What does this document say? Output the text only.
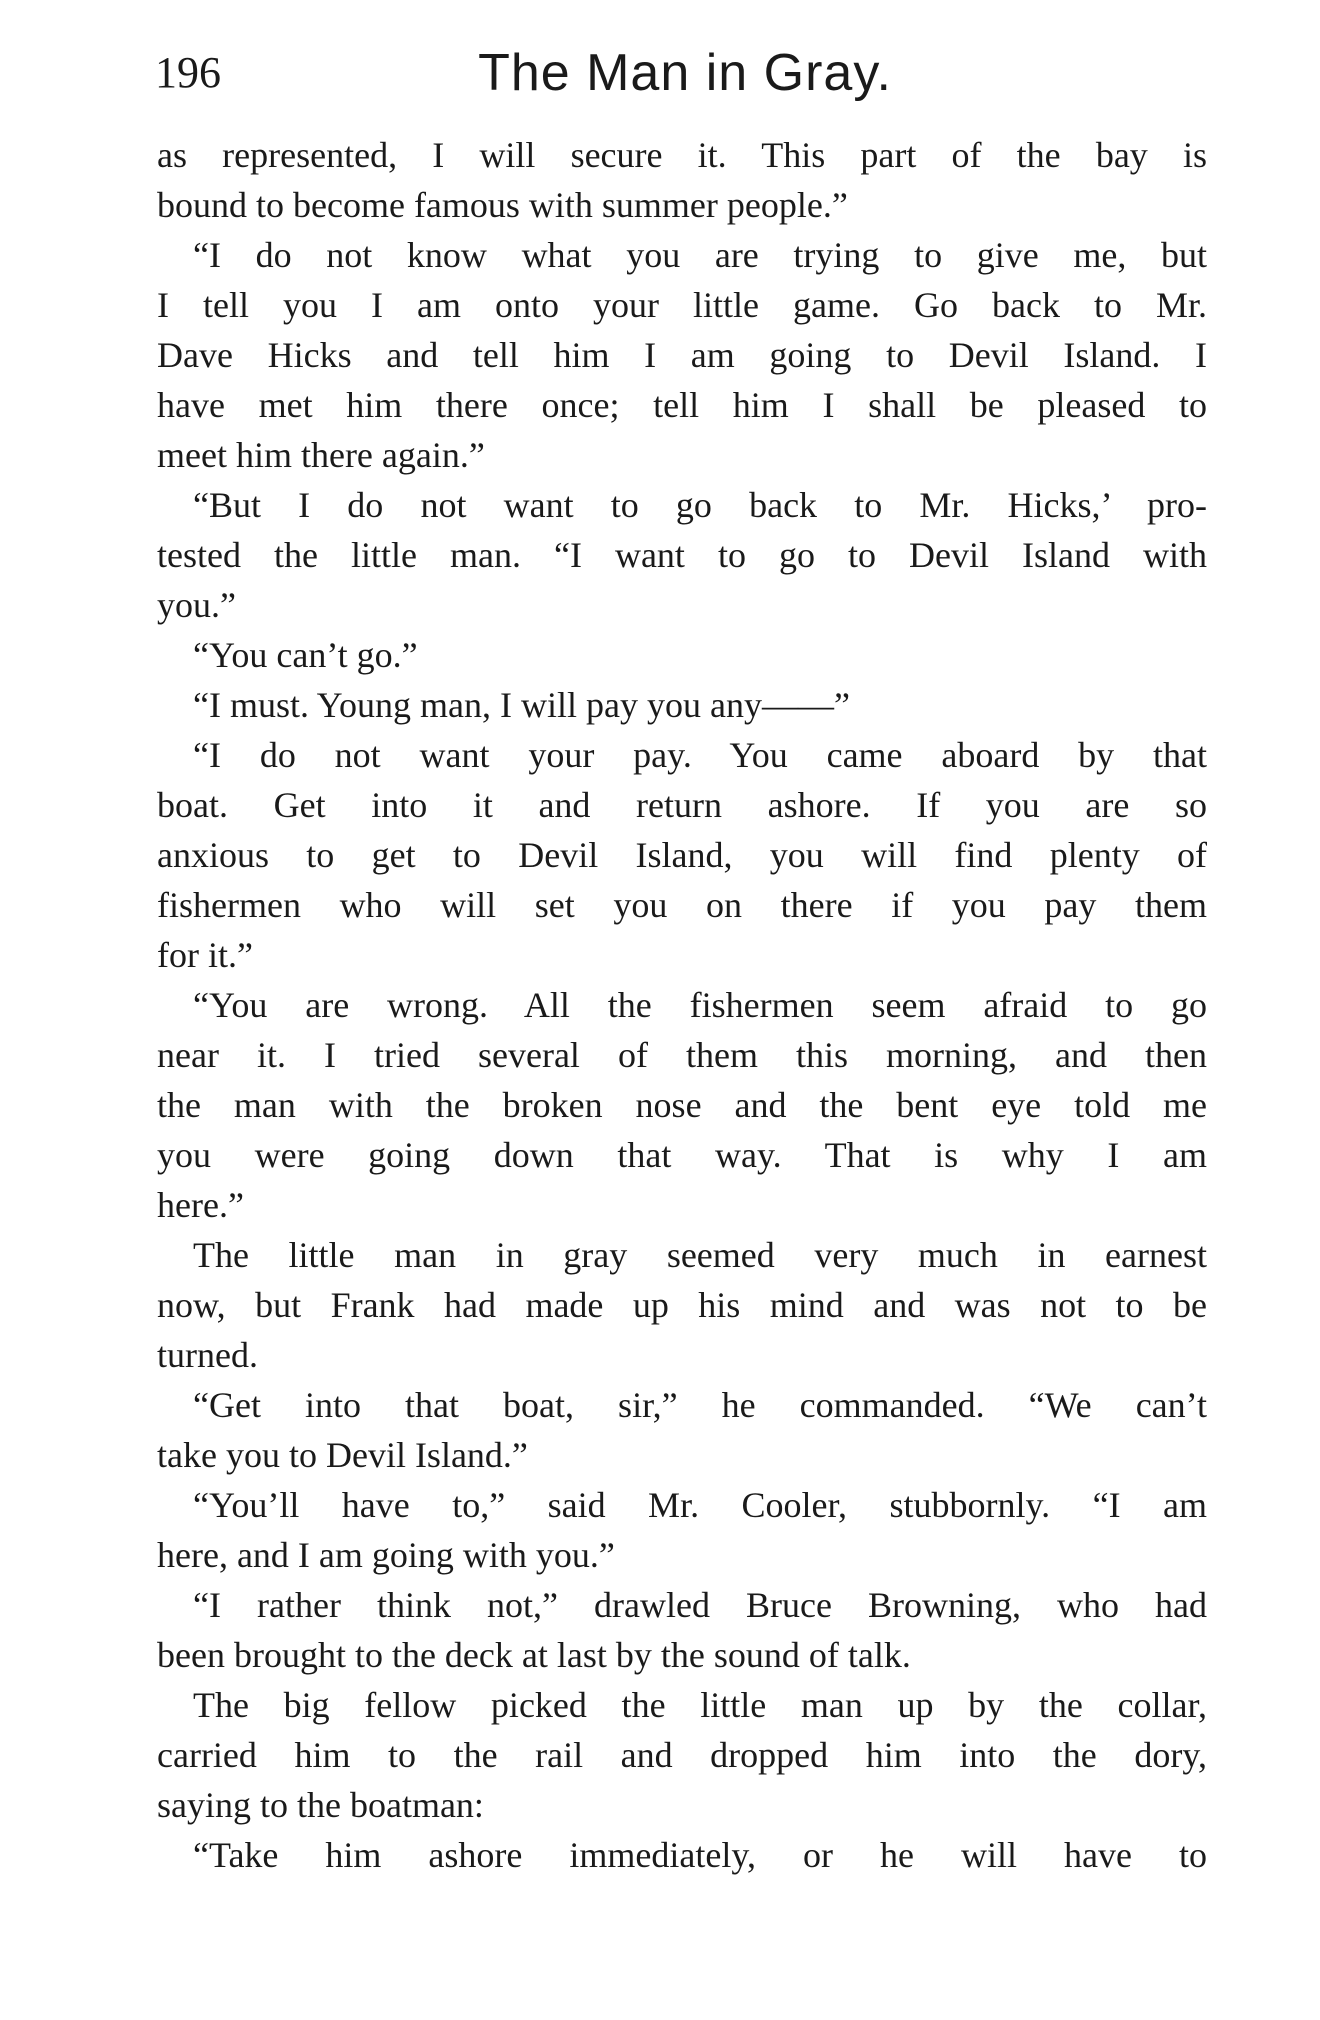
196	The Man in Gray.
as represented, I will secure it. This part of the bay is
bound to become famous with summer people.”
“I do not know what you are trying to give me, but
I tell you I am onto your little game. Go back to Mr.
Dave Hicks and tell him I am going to Devil Island. I
have met him there once; tell him I shall be pleased to
meet him there again.”
“But I do not want to go back to Mr. Hicks,’ pro-
tested the little man. “I want to go to Devil Island with
you.”
“You can’t go.”
“I must. Young man, I will pay you any——”
“I do not want your pay. You came aboard by that
boat. Get into it and return ashore. If you are so
anxious to get to Devil Island, you will find plenty of
fishermen who will set you on there if you pay them
for it.”
“You are wrong. All the fishermen seem afraid to go
near it. I tried several of them this morning, and then
the man with the broken nose and the bent eye told me
you were going down that way. That is why I am
here.”
The little man in gray seemed very much in earnest
now, but Frank had made up his mind and was not to be
turned.
“Get into that boat, sir,” he commanded. “We can’t
take you to Devil Island.”
“You’ll have to,” said Mr. Cooler, stubbornly. “I am
here, and I am going with you.”
“I rather think not,” drawled Bruce Browning, who had
been brought to the deck at last by the sound of talk.
The big fellow picked the little man up by the collar,
carried him to the rail and dropped him into the dory,
saying to the boatman:
“Take him ashore immediately, or he will have to
